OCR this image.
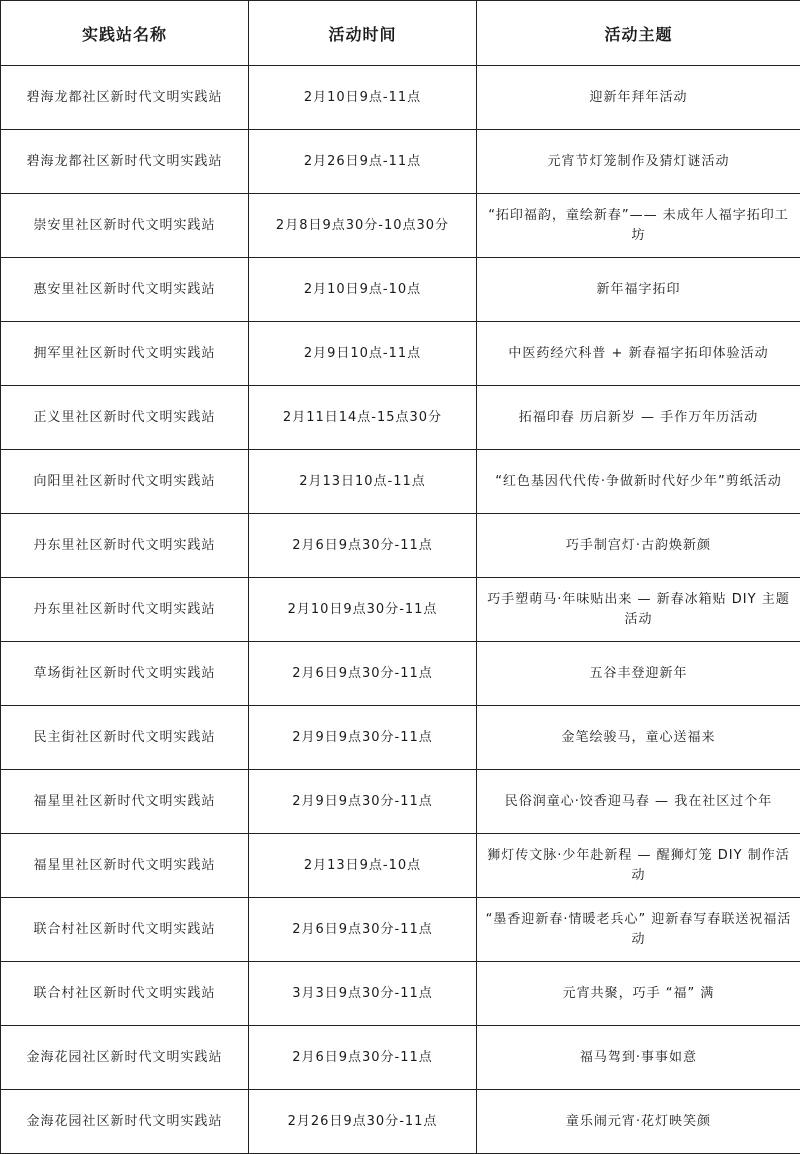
实践站名称	活动时间	活动主题
碧海龙都社区新时代文明实践站	2月10日9点-11点	迎新年拜年活动
碧海龙都社区新时代文明实践站	2月26日9点-11点	元宵节灯笼制作及猜灯谜活动
崇安里社区新时代文明实践站	2月8日9点30分-10点30分	“拓印福韵，童绘新春”—— 未成年人福字拓印工坊
惠安里社区新时代文明实践站	2月10日9点-10点	新年福字拓印
拥军里社区新时代文明实践站	2月9日10点-11点	中医药经穴科普 + 新春福字拓印体验活动
正义里社区新时代文明实践站	2月11日14点-15点30分	拓福印春 历启新岁 — 手作万年历活动
向阳里社区新时代文明实践站	2月13日10点-11点	“红色基因代代传·争做新时代好少年”剪纸活动
丹东里社区新时代文明实践站	2月6日9点30分-11点	巧手制宫灯·古韵焕新颜
丹东里社区新时代文明实践站	2月10日9点30分-11点	巧手塑萌马·年味贴出来 — 新春冰箱贴 DIY 主题活动
草场街社区新时代文明实践站	2月6日9点30分-11点	五谷丰登迎新年
民主街社区新时代文明实践站	2月9日9点30分-11点	金笔绘骏马，童心送福来
福星里社区新时代文明实践站	2月9日9点30分-11点	民俗润童心·饺香迎马春 — 我在社区过个年
福星里社区新时代文明实践站	2月13日9点-10点	狮灯传文脉·少年赴新程 — 醒狮灯笼 DIY 制作活动
联合村社区新时代文明实践站	2月6日9点30分-11点	“墨香迎新春·情暖老兵心” 迎新春写春联送祝福活动
联合村社区新时代文明实践站	3月3日9点30分-11点	元宵共聚，巧手 “福” 满
金海花园社区新时代文明实践站	2月6日9点30分-11点	福马驾到·事事如意
金海花园社区新时代文明实践站	2月26日9点30分-11点	童乐闹元宵·花灯映笑颜
